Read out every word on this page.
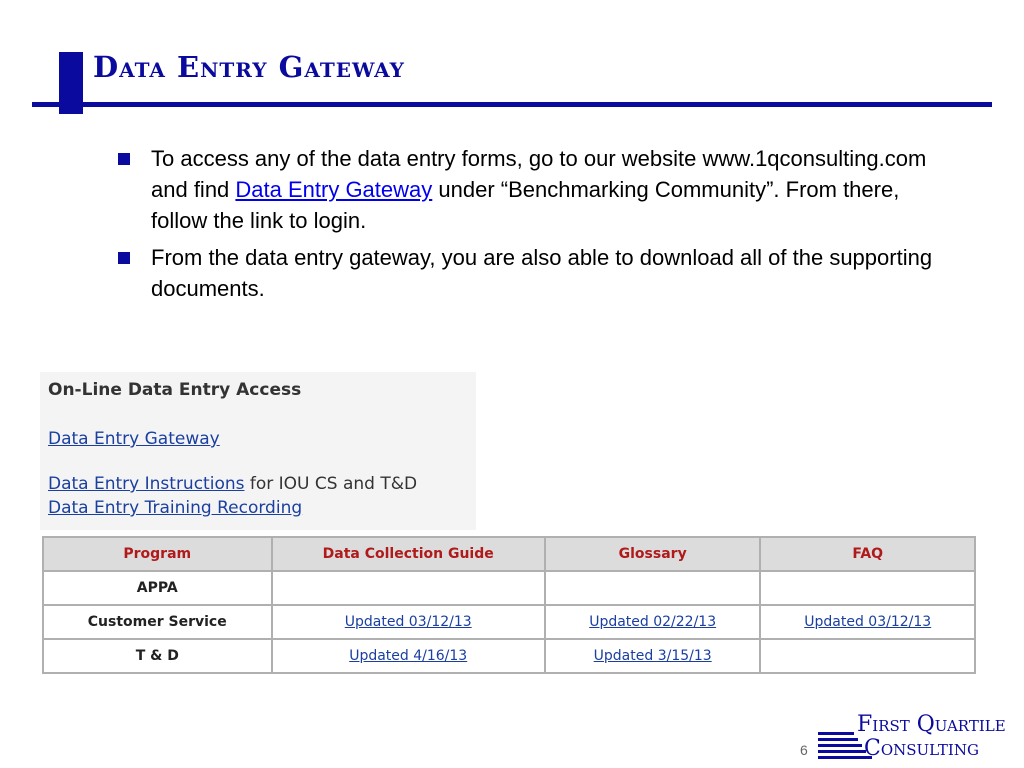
Data Entry Gateway
To access any of the data entry forms, go to our website www.1qconsulting.com and find Data Entry Gateway under “Benchmarking Community”. From there, follow the link to login.
From the data entry gateway, you are also able to download all of the supporting documents.
On-Line Data Entry Access
Data Entry Gateway
Data Entry Instructions for IOU CS and T&D
Data Entry Training Recording
Program	Data Collection Guide	Glossary	FAQ
APPA			
Customer Service	Updated 03/12/13	Updated 02/22/13	Updated 03/12/13
T & D	Updated 4/16/13	Updated 3/15/13	
6
First Quartile
Consulting
